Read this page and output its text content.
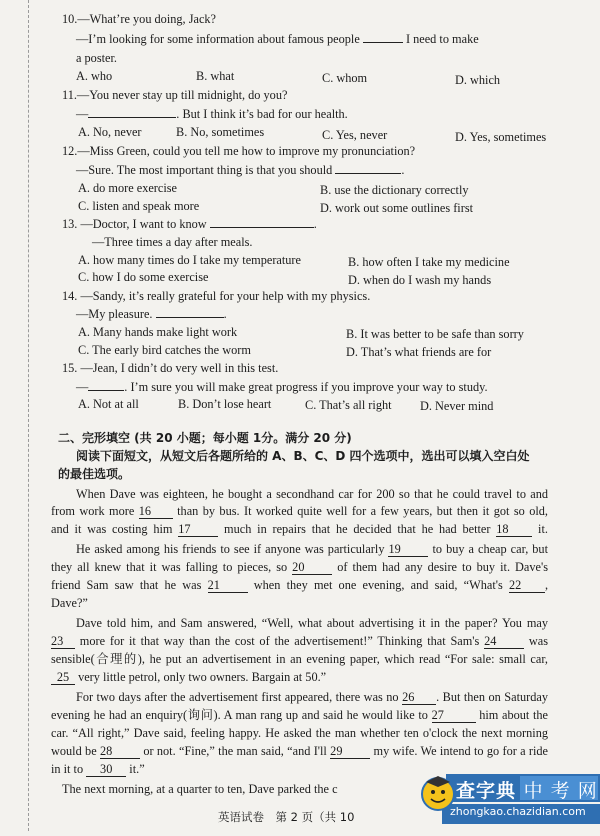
10.—What’re you doing, Jack?
—I’m looking for some information about famous people	I need to make
a poster.
A. who	B. what	C. whom	D. which
11.—You never stay up till midnight, do you?
—	. But I think it’s bad for our health.
A. No, never	B. No, sometimes	C. Yes, never	D. Yes, sometimes
12.—Miss Green, could you tell me how to improve my pronunciation?
—Sure. The most important thing is that you should	.
A. do more exercise	B. use the dictionary correctly
C. listen and speak more	D. work out some outlines first
13. —Doctor, I want to know	.
—Three times a day after meals.
A. how many times do I take my temperature	B. how often I take my medicine
C. how I do some exercise	D. when do I wash my hands
14. —Sandy, it’s really grateful for your help with my physics.
—My pleasure.	.
A. Many hands make light work	B. It was better to be safe than sorry
C. The early bird catches the worm	D. That’s what friends are for
15. —Jean, I didn’t do very well in this test.
—	. I’m sure you will make great progress if you improve your way to study.
A. Not at all	B. Don’t lose heart	C. That’s all right D. Never mind
二、完形填空 (共 20 小题；每小题 1分。满分 20 分)
阅读下面短文，从短文后各题所给的 A、B、C、D 四个选项中，选出可以填入空白处
的最佳选项。
When Dave was eighteen, he bought a secondhand car for 200 so that he could travel to and
from work more 16 than by bus. It worked quite well for a few years, but then it got so old,
and it was costing him 17	much in repairs that he decided that he had better 18 it.
He asked among his friends to see if anyone was particularly 19	to buy a cheap car, but
they all knew that it was falling to pieces, so 20	of them had any desire to buy it. Dave's
friend Sam saw that he was 21	when they met one evening, and said, “What's 22 ,
Dave?”
Dave told him, and Sam answered, “Well, what about advertising it in the paper? You may
23 more for it that way than the cost of the advertisement!” Thinking that Sam's 24	was
sensible(合理的), he put an advertisement in an evening paper, which read “For sale: small car,
25 very little petrol, only two owners. Bargain at 50.”
For two days after the advertisement first appeared, there was no 26 . But then on Saturday
evening he had an enquiry(询问). A man rang up and said he would like to 27	him about the
car. “All right,” Dave said, feeling happy. He asked the man whether ten o'clock the next morning
would be 28	or not. “Fine,” the man said, “and I'll 29	my wife. We intend to go for a ride
in it to 30 it.”
The next morning, at a quarter to ten, Dave parked the c
英语试卷　第 2 页（共 10
查字典 中 考 网
zhongkao.chazidian.com
